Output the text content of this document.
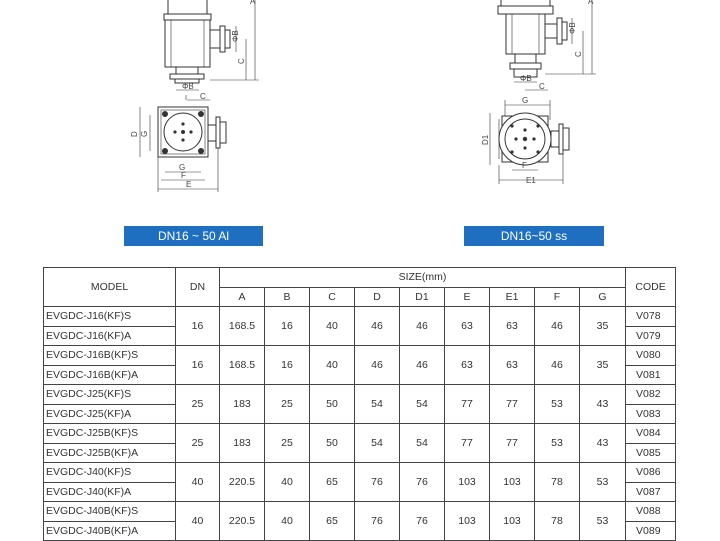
A
ΦB
C
ΦB
C
D G
G
F
E
A
ΦB
C
ΦB
C
G
D1
F
E1
DN16 ~ 50 Al	DN16~50 ss
MODEL	DN	SIZE(mm)									CODE
		A	B	C	D	D1	E	E1	F	G	
EVGDC-J16(KF)S	16	168.5	16	40	46	46	63	63	46	35	V078
EVGDC-J16(KF)A											V079
EVGDC-J16B(KF)S	16	168.5	16	40	46	46	63	63	46	35	V080
EVGDC-J16B(KF)A											V081
EVGDC-J25(KF)S	25	183	25	50	54	54	77	77	53	43	V082
EVGDC-J25(KF)A											V083
EVGDC-J25B(KF)S	25	183	25	50	54	54	77	77	53	43	V084
EVGDC-J25B(KF)A											V085
EVGDC-J40(KF)S	40	220.5	40	65	76	76	103	103	78	53	V086
EVGDC-J40(KF)A											V087
EVGDC-J40B(KF)S	40	220.5	40	65	76	76	103	103	78	53	V088
EVGDC-J40B(KF)A											V089
